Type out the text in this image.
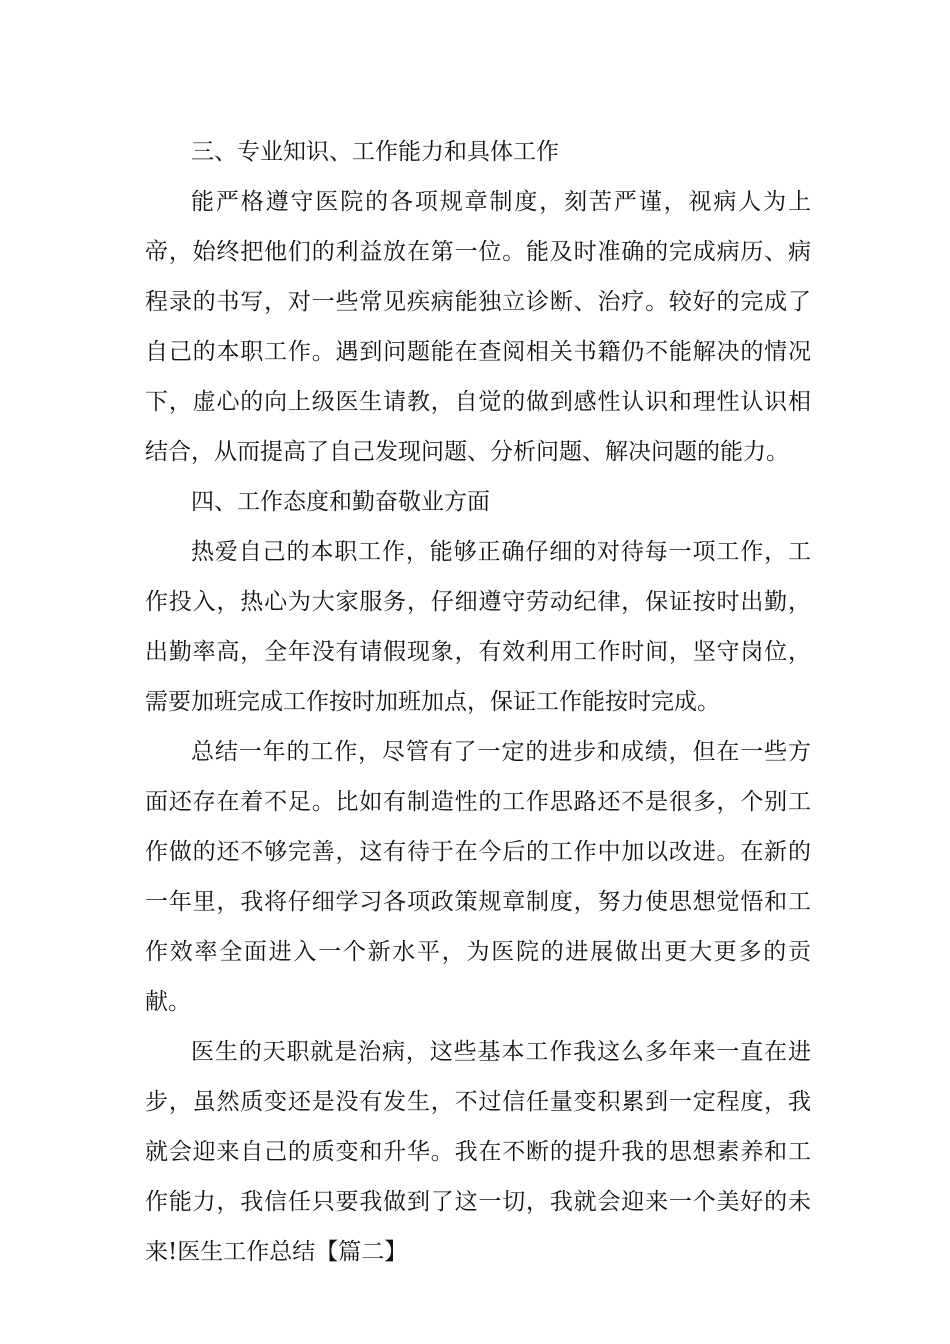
三、专业知识、工作能力和具体工作

能严格遵守医院的各项规章制度，刻苦严谨，视病人为上帝，始终把他们的利益放在第一位。能及时准确的完成病历、病程录的书写，对一些常见疾病能独立诊断、治疗。较好的完成了自己的本职工作。遇到问题能在查阅相关书籍仍不能解决的情况下，虚心的向上级医生请教，自觉的做到感性认识和理性认识相结合，从而提高了自己发现问题、分析问题、解决问题的能力。

四、工作态度和勤奋敬业方面

热爱自己的本职工作，能够正确仔细的对待每一项工作，工作投入，热心为大家服务，仔细遵守劳动纪律，保证按时出勤，出勤率高，全年没有请假现象，有效利用工作时间，坚守岗位，需要加班完成工作按时加班加点，保证工作能按时完成。

总结一年的工作，尽管有了一定的进步和成绩，但在一些方面还存在着不足。比如有制造性的工作思路还不是很多，个别工作做的还不够完善，这有待于在今后的工作中加以改进。在新的一年里，我将仔细学习各项政策规章制度，努力使思想觉悟和工作效率全面进入一个新水平，为医院的进展做出更大更多的贡献。

医生的天职就是治病，这些基本工作我这么多年来一直在进步，虽然质变还是没有发生，不过信任量变积累到一定程度，我就会迎来自己的质变和升华。我在不断的提升我的思想素养和工作能力，我信任只要我做到了这一切，我就会迎来一个美好的未来!医生工作总结【篇二】
